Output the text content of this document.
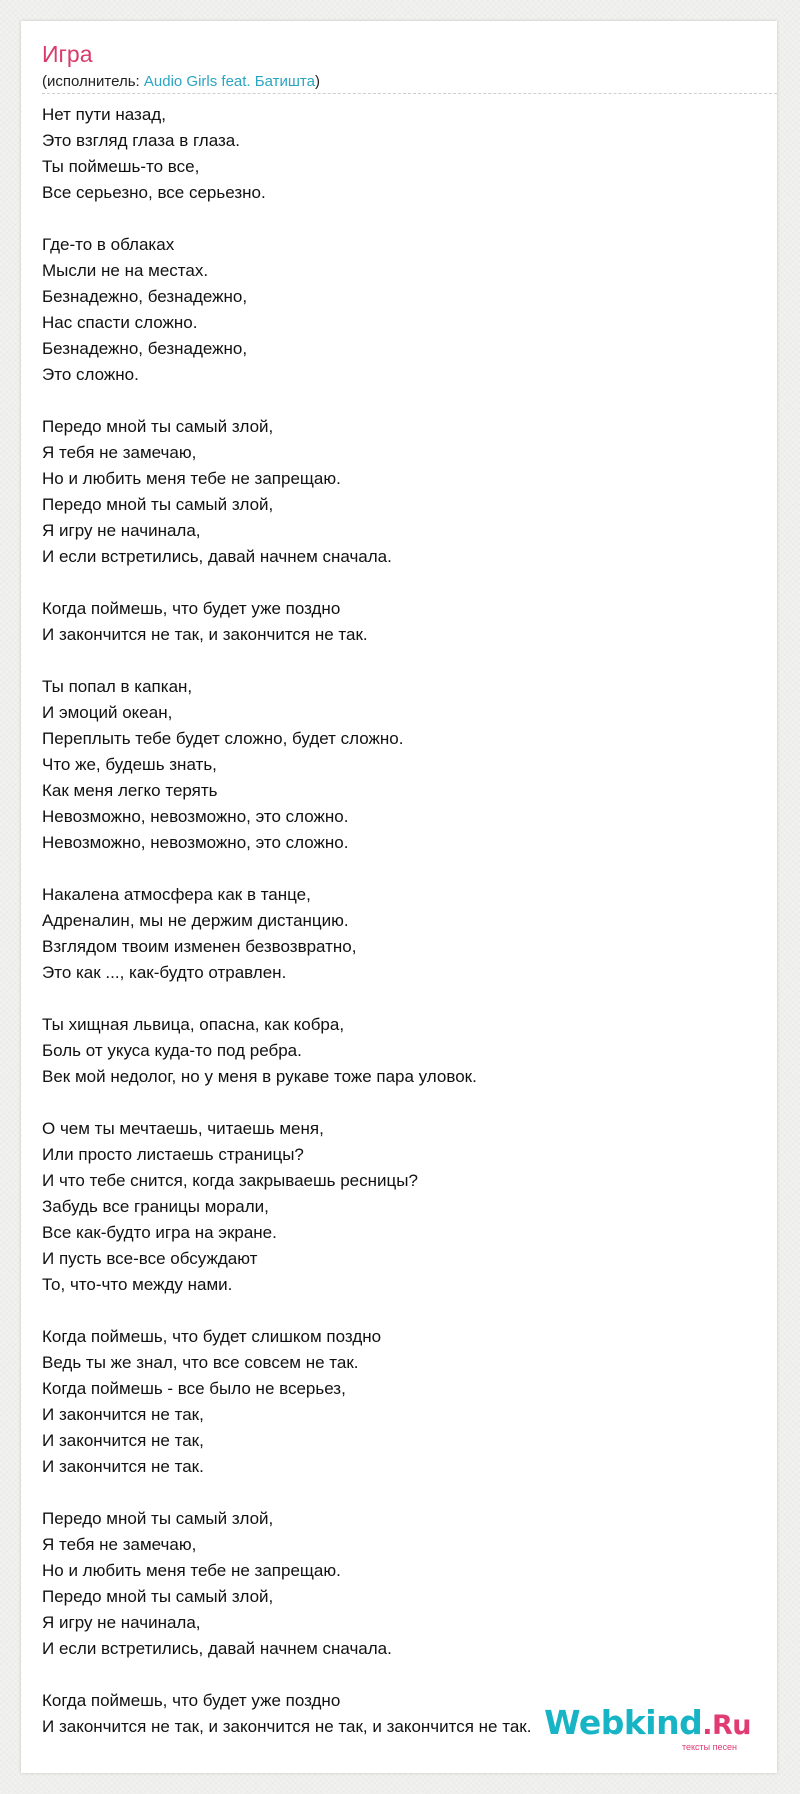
Игра
(исполнитель: Audio Girls feat. Батишта)
Нет пути назад,
Это взгляд глаза в глаза.
Ты поймешь-то все,
Все серьезно, все серьезно.
Где-то в облаках
Мысли не на местах.
Безнадежно, безнадежно,
Нас спасти сложно.
Безнадежно, безнадежно,
Это сложно.
Передо мной ты самый злой,
Я тебя не замечаю,
Но и любить меня тебе не запрещаю.
Передо мной ты самый злой,
Я игру не начинала,
И если встретились, давай начнем сначала.
Когда поймешь, что будет уже поздно
И закончится не так, и закончится не так.
Ты попал в капкан,
И эмоций океан,
Переплыть тебе будет сложно, будет сложно.
Что же, будешь знать,
Как меня легко терять
Невозможно, невозможно, это сложно.
Невозможно, невозможно, это сложно.
Накалена атмосфера как в танце,
Адреналин, мы не держим дистанцию.
Взглядом твоим изменен безвозвратно,
Это как ..., как-будто отравлен.
Ты хищная львица, опасна, как кобра,
Боль от укуса куда-то под ребра.
Век мой недолог, но у меня в рукаве тоже пара уловок.
О чем ты мечтаешь, читаешь меня,
Или просто листаешь страницы?
И что тебе снится, когда закрываешь ресницы?
Забудь все границы морали,
Все как-будто игра на экране.
И пусть все-все обсуждают
То, что-что между нами.
Когда поймешь, что будет слишком поздно
Ведь ты же знал, что все совсем не так.
Когда поймешь - все было не всерьез,
И закончится не так,
И закончится не так,
И закончится не так.
Передо мной ты самый злой,
Я тебя не замечаю,
Но и любить меня тебе не запрещаю.
Передо мной ты самый злой,
Я игру не начинала,
И если встретились, давай начнем сначала.
Когда поймешь, что будет уже поздно
И закончится не так, и закончится не так, и закончится не так. Webkind.Ru
тексты песен
